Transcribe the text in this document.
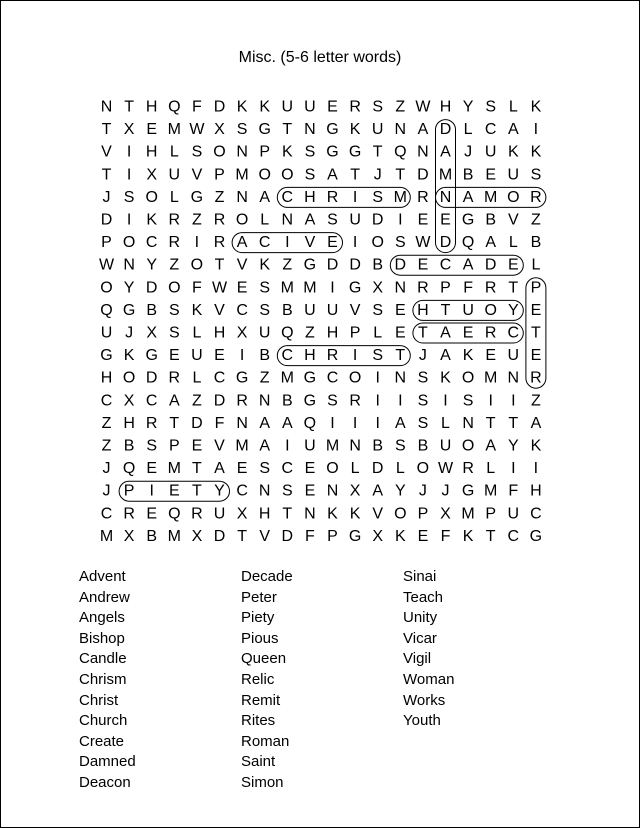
Misc. (5-6 letter words)
N T H Q F D K K U U E R S Z W H Y S L K
T X E M W X S G T N G K U N A D L C A I
V I H L S O N P K S G G T Q N A J U K K
T I X U V P M O O S A T J T D M B E U S
J S O L G Z N A C H R I S M R N A M O R
D I K R Z R O L N A S U D I E E G B V Z
P O C R I R A C I V E I O S W D Q A L B
W N Y Z O T V K Z G D D B D E C A D E L
O Y D O F W E S M M I G X N R P F R T P
Q G B S K V C S B U U V S E H T U O Y E
U J X S L H X U Q Z H P L E T A E R C T
G K G E U E I B C H R I S T J A K E U E
H O D R L C G Z M G C O I N S K O M N R
C X C A Z D R N B G S R I I S I S I I Z
Z H R T D F N A A Q I I I A S L N T T A
Z B S P E V M A I U M N B S B U O A Y K
J Q E M T A E S C E O L D L O W R L I I
J P I E T Y C N S E N X A Y J J G M F H
C R E Q R U X H T N K K V O P X M P U C
M X B M X D T V D F P G X K E F K T C G
Advent
Andrew
Angels
Bishop
Candle
Chrism
Christ
Church
Create
Damned
Deacon
Decade
Peter
Piety
Pious
Queen
Relic
Remit
Rites
Roman
Saint
Simon
Sinai
Teach
Unity
Vicar
Vigil
Woman
Works
Youth
